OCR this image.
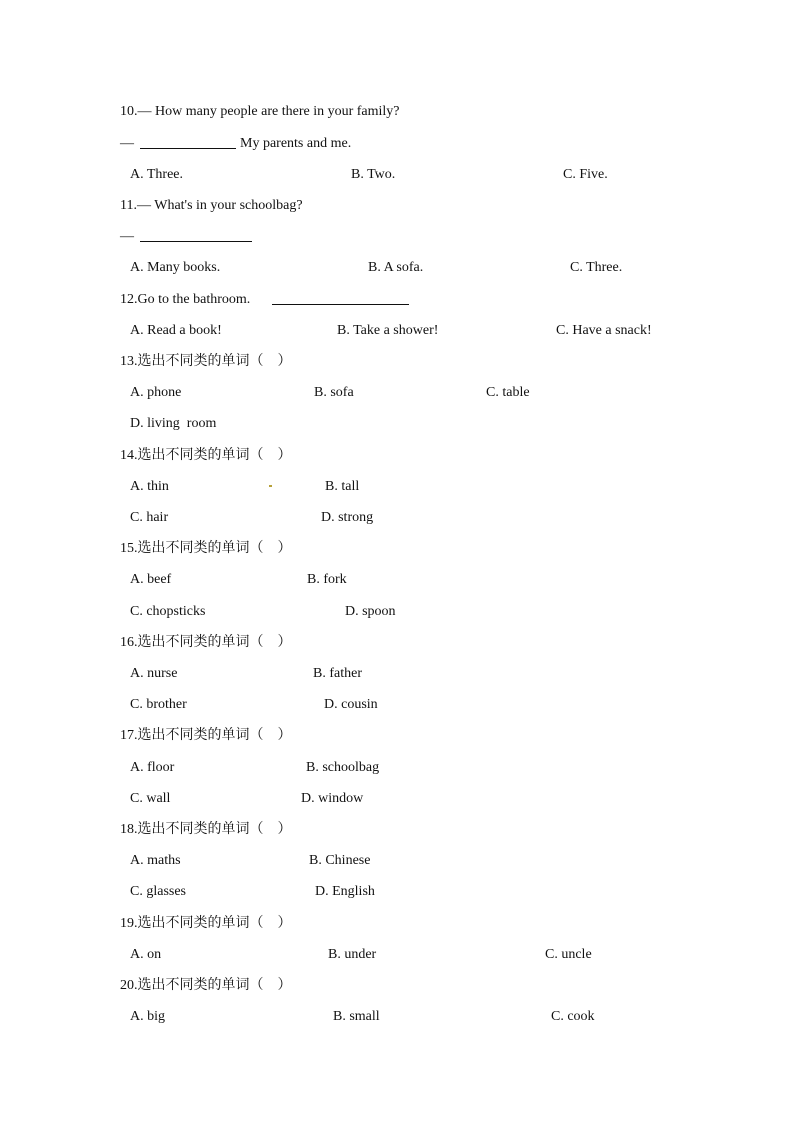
10.— How many people are there in your family?
—	My parents and me.
A. Three.	B. Two.	C. Five.
11.— What's in your schoolbag?
—
A. Many books.	B. A sofa.	C. Three.
12.Go to the bathroom.
A. Read a book!	B. Take a shower!	C. Have a snack!
13.选出不同类的单词（　）
A. phone	B. sofa	C. table
D. living  room
14.选出不同类的单词（　）
A. thin	B. tall
C. hair	D. strong
15.选出不同类的单词（　）
A. beef	B. fork
C. chopsticks	D. spoon
16.选出不同类的单词（　）
A. nurse	B. father
C. brother	D. cousin
17.选出不同类的单词（　）
A. floor	B. schoolbag
C. wall	D. window
18.选出不同类的单词（　）
A. maths	B. Chinese
C. glasses	D. English
19.选出不同类的单词（　）
A. on	B. under	C. uncle
20.选出不同类的单词（　）
A. big	B. small	C. cook
